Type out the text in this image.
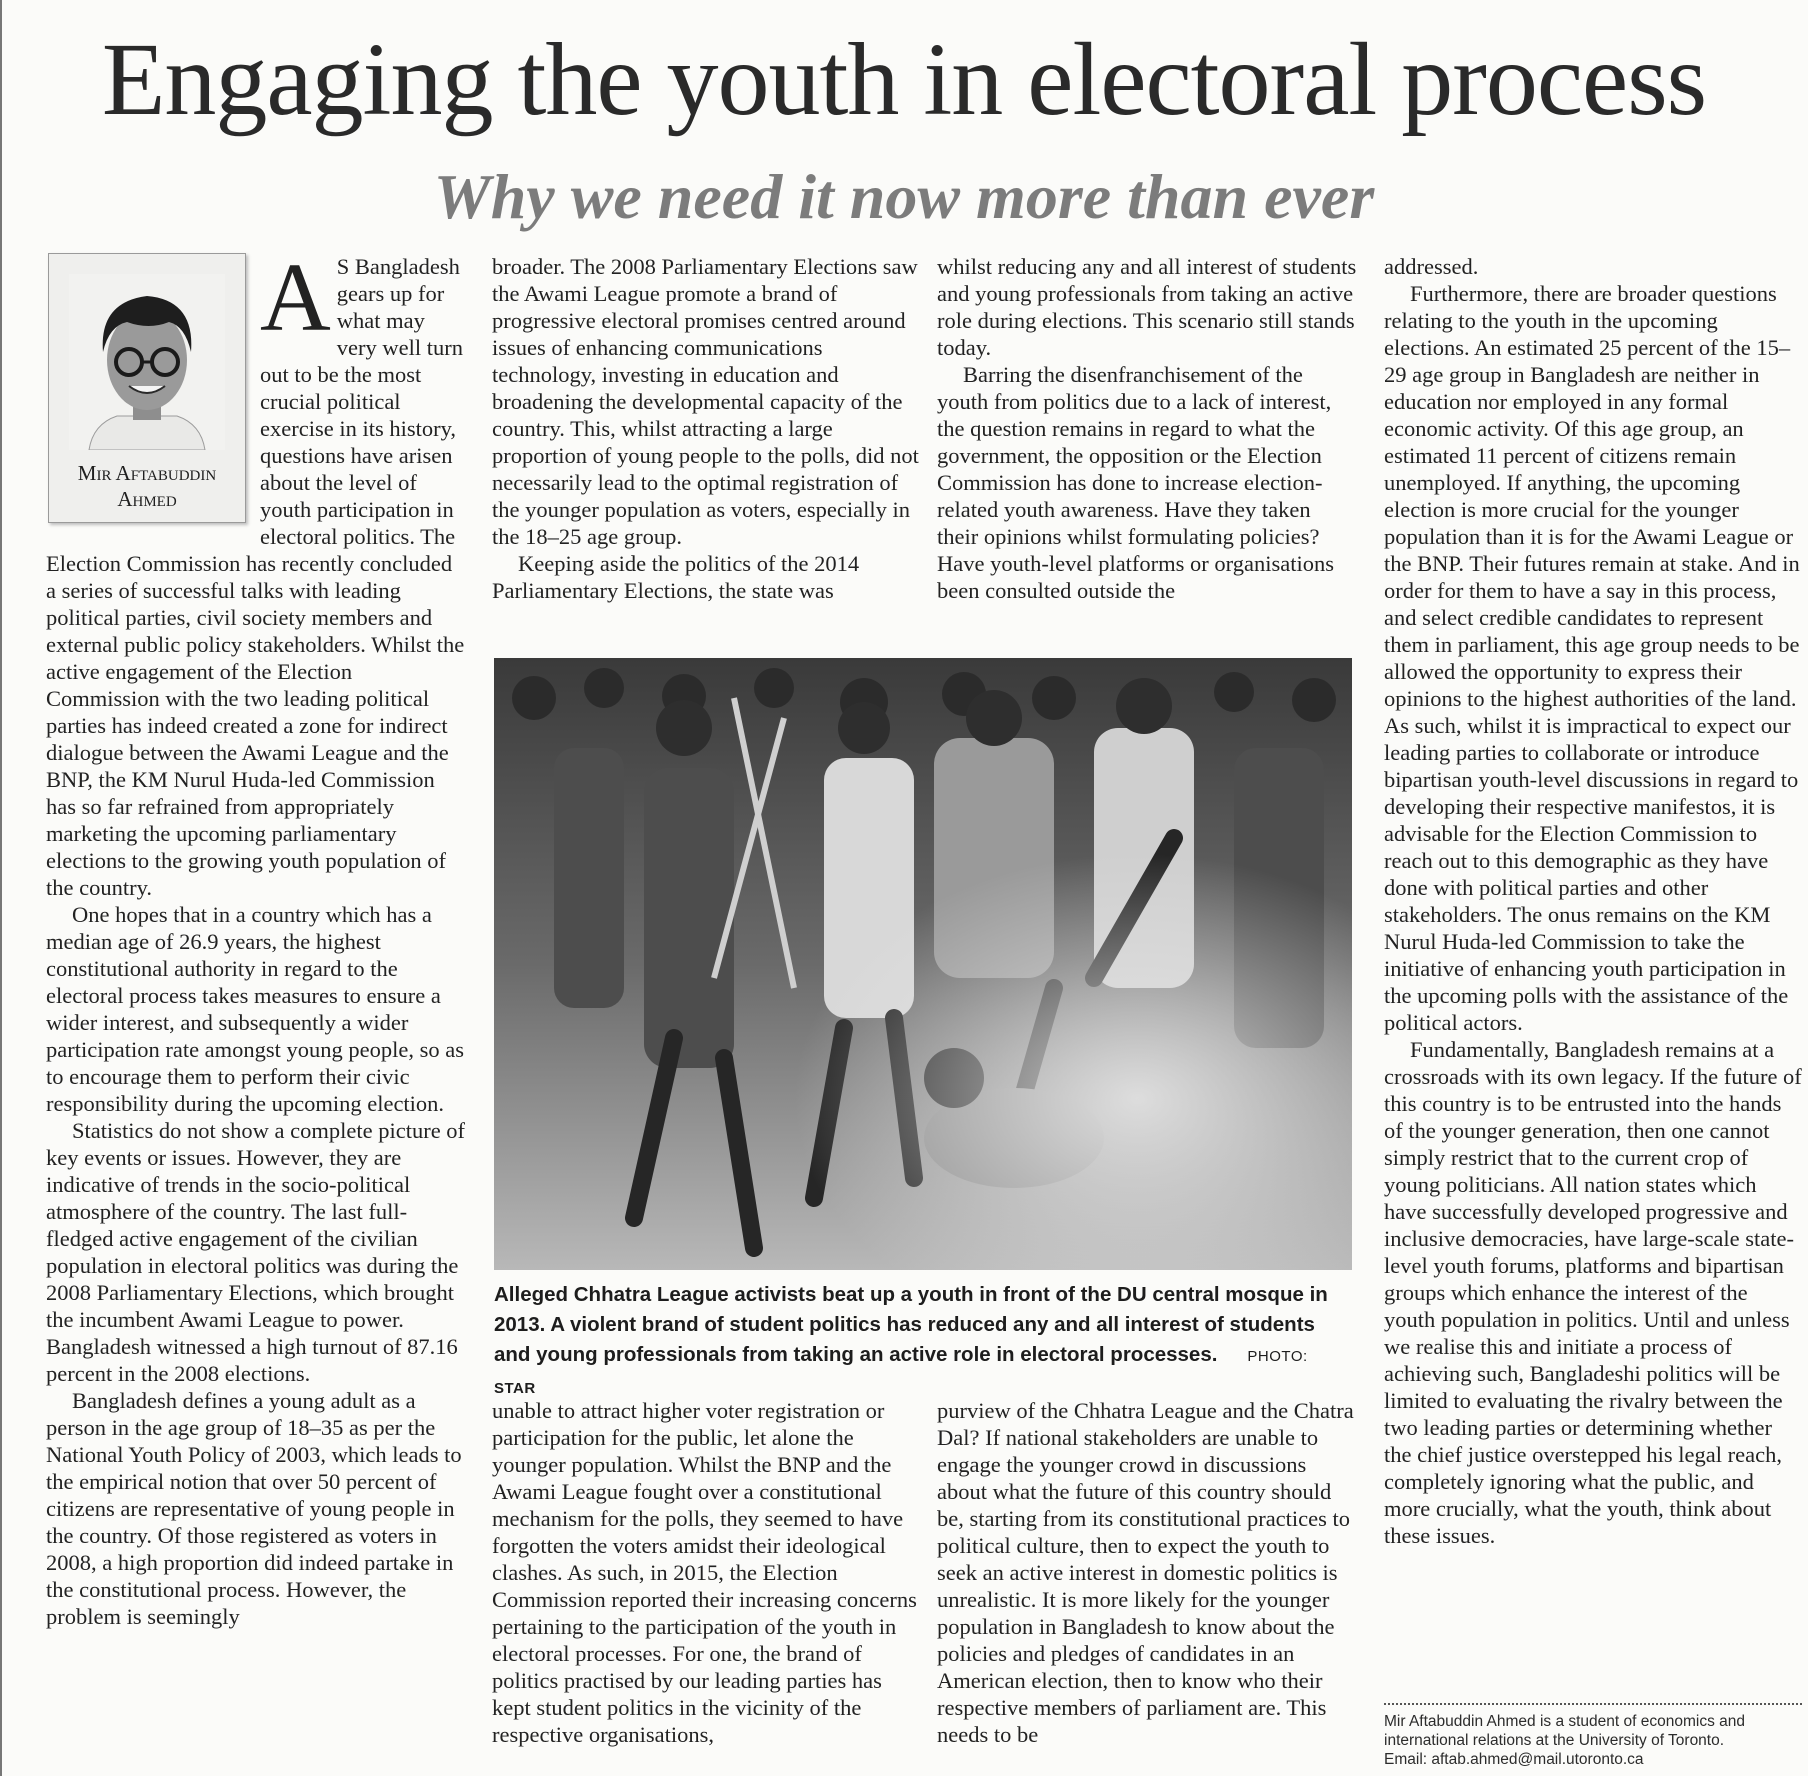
Engaging the youth in electoral process
Why we need it now more than ever

A S Bangladesh gears up for what may very well turn out to be the most crucial political exercise in its history, questions have arisen about the level of youth participation in electoral politics. The Election Commission has recently concluded a series of successful talks with leading political parties, civil society members and external public policy stakeholders. Whilst the active engagement of the Election Commission with the two leading political parties has indeed created a zone for indirect dialogue between the Awami League and the BNP, the KM Nurul Huda-led Commission has so far refrained from appropriately marketing the upcoming parliamentary elections to the growing youth population of the country.

One hopes that in a country which has a median age of 26.9 years, the highest constitutional authority in regard to the electoral process takes measures to ensure a wider interest, and subsequently a wider participation rate amongst young people, so as to encourage them to perform their civic responsibility during the upcoming election.

Statistics do not show a complete picture of key events or issues. However, they are indicative of trends in the socio-political atmosphere of the country. The last full-fledged active engagement of the civilian population in electoral politics was during the 2008 Parliamentary Elections, which brought the incumbent Awami League to power. Bangladesh witnessed a high turnout of 87.16 percent in the 2008 elections.

Bangladesh defines a young adult as a person in the age group of 18–35 as per the National Youth Policy of 2003, which leads to the empirical notion that over 50 percent of citizens are representative of young people in the country. Of those registered as voters in 2008, a high proportion did indeed partake in the constitutional process. However, the problem is seemingly

Mir Aftabuddin
Ahmed

broader. The 2008 Parliamentary Elections saw the Awami League promote a brand of progressive electoral promises centred around issues of enhancing communications technology, investing in education and broadening the developmental capacity of the country. This, whilst attracting a large proportion of young people to the polls, did not necessarily lead to the optimal registration of the younger population as voters, especially in the 18–25 age group.

Keeping aside the politics of the 2014 Parliamentary Elections, the state was

whilst reducing any and all interest of students and young professionals from taking an active role during elections. This scenario still stands today.

Barring the disenfranchisement of the youth from politics due to a lack of interest, the question remains in regard to what the government, the opposition or the Election Commission has done to increase election-related youth awareness. Have they taken their opinions whilst formulating policies? Have youth-level platforms or organisations been consulted outside the

Alleged Chhatra League activists beat up a youth in front of the DU central mosque in 2013. A violent brand of student politics has reduced any and all interest of students and young professionals from taking an active role in electoral processes. PHOTO: STAR

unable to attract higher voter registration or participation for the public, let alone the younger population. Whilst the BNP and the Awami League fought over a constitutional mechanism for the polls, they seemed to have forgotten the voters amidst their ideological clashes. As such, in 2015, the Election Commission reported their increasing concerns pertaining to the participation of the youth in electoral processes. For one, the brand of politics practised by our leading parties has kept student politics in the vicinity of the respective organisations,

purview of the Chhatra League and the Chatra Dal? If national stakeholders are unable to engage the younger crowd in discussions about what the future of this country should be, starting from its constitutional practices to political culture, then to expect the youth to seek an active interest in domestic politics is unrealistic. It is more likely for the younger population in Bangladesh to know about the policies and pledges of candidates in an American election, then to know who their respective members of parliament are. This needs to be

addressed.

Furthermore, there are broader questions relating to the youth in the upcoming elections. An estimated 25 percent of the 15–29 age group in Bangladesh are neither in education nor employed in any formal economic activity. Of this age group, an estimated 11 percent of citizens remain unemployed. If anything, the upcoming election is more crucial for the younger population than it is for the Awami League or the BNP. Their futures remain at stake. And in order for them to have a say in this process, and select credible candidates to represent them in parliament, this age group needs to be allowed the opportunity to express their opinions to the highest authorities of the land. As such, whilst it is impractical to expect our leading parties to collaborate or introduce bipartisan youth-level discussions in regard to developing their respective manifestos, it is advisable for the Election Commission to reach out to this demographic as they have done with political parties and other stakeholders. The onus remains on the KM Nurul Huda-led Commission to take the initiative of enhancing youth participation in the upcoming polls with the assistance of the political actors.

Fundamentally, Bangladesh remains at a crossroads with its own legacy. If the future of this country is to be entrusted into the hands of the younger generation, then one cannot simply restrict that to the current crop of young politicians. All nation states which have successfully developed progressive and inclusive democracies, have large-scale state-level youth forums, platforms and bipartisan groups which enhance the interest of the youth population in politics. Until and unless we realise this and initiate a process of achieving such, Bangladeshi politics will be limited to evaluating the rivalry between the two leading parties or determining whether the chief justice overstepped his legal reach, completely ignoring what the public, and more crucially, what the youth, think about these issues.

Mir Aftabuddin Ahmed is a student of economics and
international relations at the University of Toronto.
Email: aftab.ahmed@mail.utoronto.ca
